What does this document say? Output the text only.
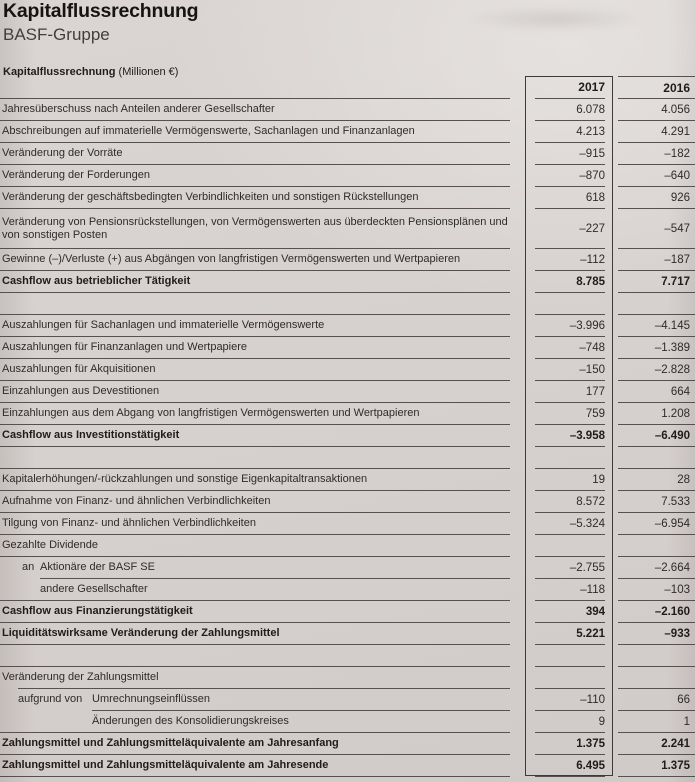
Kapitalflussrechnung
BASF-Gruppe
Kapitalflussrechnung (Millionen €)
2017	2016
Jahresüberschuss nach Anteilen anderer Gesellschafter	6.078	4.056
Abschreibungen auf immaterielle Vermögenswerte, Sachanlagen und Finanzanlagen	4.213	4.291
Veränderung der Vorräte	–915	–182
Veränderung der Forderungen	–870	–640
Veränderung der geschäftsbedingten Verbindlichkeiten und sonstigen Rückstellungen	618	926
Veränderung von Pensionsrückstellungen, von Vermögenswerten aus überdeckten Pensionsplänen und von sonstigen Posten	–227	–547
Gewinne (–)/Verluste (+) aus Abgängen von langfristigen Vermögenswerten und Wertpapieren	–112	–187
Cashflow aus betrieblicher Tätigkeit	8.785	7.717
Auszahlungen für Sachanlagen und immaterielle Vermögenswerte	–3.996	–4.145
Auszahlungen für Finanzanlagen und Wertpapiere	–748	–1.389
Auszahlungen für Akquisitionen	–150	–2.828
Einzahlungen aus Devestitionen	177	664
Einzahlungen aus dem Abgang von langfristigen Vermögenswerten und Wertpapieren	759	1.208
Cashflow aus Investitionstätigkeit	–3.958	–6.490
Kapitalerhöhungen/-rückzahlungen und sonstige Eigenkapitaltransaktionen	19	28
Aufnahme von Finanz- und ähnlichen Verbindlichkeiten	8.572	7.533
Tilgung von Finanz- und ähnlichen Verbindlichkeiten	–5.324	–6.954
Gezahlte Dividende
an Aktionäre der BASF SE	–2.755	–2.664
andere Gesellschafter	–118	–103
Cashflow aus Finanzierungstätigkeit	394	–2.160
Liquiditätswirksame Veränderung der Zahlungsmittel	5.221	–933
Veränderung der Zahlungsmittel
aufgrund von Umrechnungseinflüssen	–110	66
Änderungen des Konsolidierungskreises	9	1
Zahlungsmittel und Zahlungsmitteläquivalente am Jahresanfang	1.375	2.241
Zahlungsmittel und Zahlungsmitteläquivalente am Jahresende	6.495	1.375
